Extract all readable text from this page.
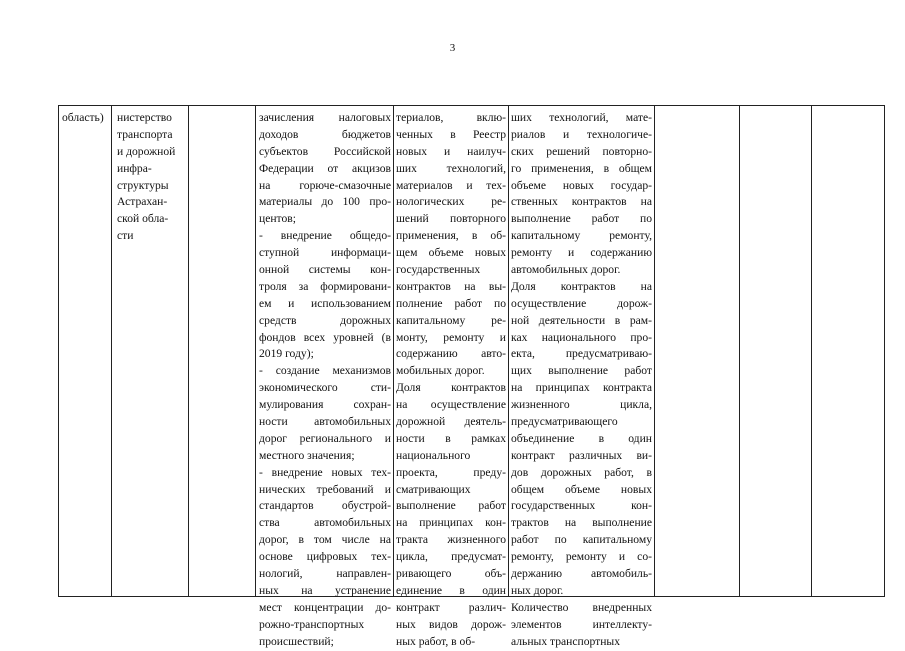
3
область)	нистерство
транспорта
и дорожной
инфра-
структуры
Астрахан-
ской обла-
сти
зачисления налоговых
доходов бюджетов
субъектов Российской
Федерации от акцизов
на горюче-смазочные
материалы до 100 про-
центов;
- внедрение общедо-
ступной информаци-
онной системы кон-
троля за формировани-
ем и использованием
средств дорожных
фондов всех уровней (в
2019 году);
- создание механизмов
экономического сти-
мулирования сохран-
ности автомобильных
дорог регионального и
местного значения;
- внедрение новых тех-
нических требований и
стандартов обустрой-
ства автомобильных
дорог, в том числе на
основе цифровых тех-
нологий, направлен-
ных на устранение
мест концентрации до-
рожно-транспортных
происшествий;
териалов, вклю-
ченных в Реестр
новых и наилуч-
ших технологий,
материалов и тех-
нологических ре-
шений повторного
применения, в об-
щем объеме новых
государственных
контрактов на вы-
полнение работ по
капитальному ре-
монту, ремонту и
содержанию авто-
мобильных дорог.
Доля контрактов
на осуществление
дорожной деятель-
ности в рамках
национального
проекта, преду-
сматривающих
выполнение работ
на принципах кон-
тракта жизненного
цикла, предусмат-
ривающего объ-
единение в один
контракт различ-
ных видов дорож-
ных работ, в об-
ших технологий, мате-
риалов и технологиче-
ских решений повторно-
го применения, в общем
объеме новых государ-
ственных контрактов на
выполнение работ по
капитальному ремонту,
ремонту и содержанию
автомобильных дорог.
Доля контрактов на
осуществление дорож-
ной деятельности в рам-
ках национального про-
екта, предусматриваю-
щих выполнение работ
на принципах контракта
жизненного цикла,
предусматривающего
объединение в один
контракт различных ви-
дов дорожных работ, в
общем объеме новых
государственных кон-
трактов на выполнение
работ по капитальному
ремонту, ремонту и со-
держанию автомобиль-
ных дорог.
Количество внедренных
элементов интеллекту-
альных транспортных
